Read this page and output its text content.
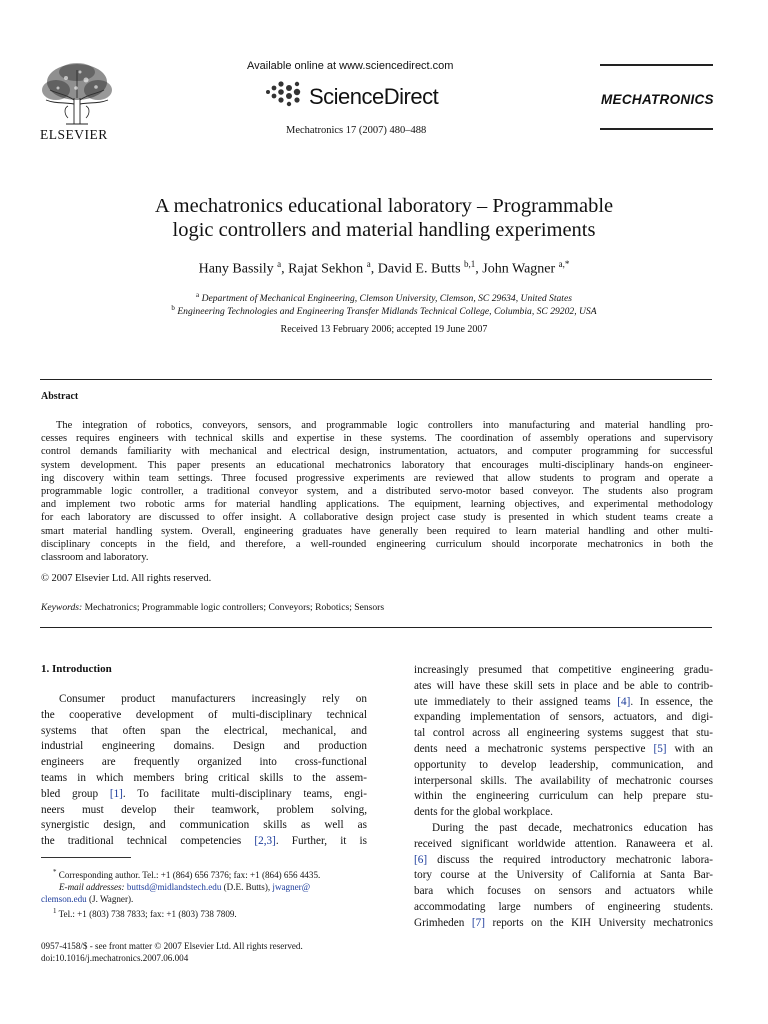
ELSEVIER
Available online at www.sciencedirect.com
ScienceDirect
Mechatronics 17 (2007) 480–488
MECHATRONICS
A mechatronics educational laboratory – Programmable
logic controllers and material handling experiments
Hany Bassily $^a$, Rajat Sekhon $^a$, David E. Butts $^{b,1}$, John Wagner $^{a,*}$
$^a$ Department of Mechanical Engineering, Clemson University, Clemson, SC 29634, United States
$^b$ Engineering Technologies and Engineering Transfer Midlands Technical College, Columbia, SC 29202, USA
Received 13 February 2006; accepted 19 June 2007
Abstract
The integration of robotics, conveyors, sensors, and programmable logic controllers into manufacturing and material handling pro-
cesses requires engineers with technical skills and expertise in these systems. The coordination of assembly operations and supervisory
control demands familiarity with mechanical and electrical design, instrumentation, actuators, and computer programming for successful
system development. This paper presents an educational mechatronics laboratory that encourages multi-disciplinary hands-on engineer-
ing discovery within team settings. Three focused progressive experiments are reviewed that allow students to program and operate a
programmable logic controller, a traditional conveyor system, and a distributed servo-motor based conveyor. The students also program
and implement two robotic arms for material handling applications. The equipment, learning objectives, and experimental methodology
for each laboratory are discussed to offer insight. A collaborative design project case study is presented in which student teams create a
smart material handling system. Overall, engineering graduates have generally been required to learn material handling and other multi-
disciplinary concepts in the field, and therefore, a well-rounded engineering curriculum should incorporate mechatronics in both the
classroom and laboratory.
© 2007 Elsevier Ltd. All rights reserved.
Keywords: Mechatronics; Programmable logic controllers; Conveyors; Robotics; Sensors
1. Introduction
Consumer product manufacturers increasingly rely on
the cooperative development of multi-disciplinary technical
systems that often span the electrical, mechanical, and
industrial engineering domains. Design and production
engineers are frequently organized into cross-functional
teams in which members bring critical skills to the assem-
bled group [1]. To facilitate multi-disciplinary teams, engi-
neers must develop their teamwork, problem solving,
synergistic design, and communication skills as well as
the traditional technical competencies [2,3]. Further, it is
increasingly presumed that competitive engineering gradu-
ates will have these skill sets in place and be able to contrib-
ute immediately to their assigned teams [4]. In essence, the
expanding implementation of sensors, actuators, and digi-
tal control across all engineering systems suggest that stu-
dents need a mechatronic systems perspective [5] with an
opportunity to develop leadership, communication, and
interpersonal skills. The availability of mechatronic courses
within the engineering curriculum can help prepare stu-
dents for the global workplace.
During the past decade, mechatronics education has
received significant worldwide attention. Ranaweera et al.
[6] discuss the required introductory mechatronic labora-
tory course at the University of California at Santa Bar-
bara which focuses on sensors and actuators while
accommodating large numbers of engineering students.
Grimheden [7] reports on the KIH University mechatronics
* Corresponding author. Tel.: +1 (864) 656 7376; fax: +1 (864) 656 4435.
E-mail addresses: buttsd@midlandstech.edu (D.E. Butts), jwagner@
clemson.edu (J. Wagner).
$^1$ Tel.: +1 (803) 738 7833; fax: +1 (803) 738 7809.
0957-4158/$ - see front matter © 2007 Elsevier Ltd. All rights reserved.
doi:10.1016/j.mechatronics.2007.06.004
